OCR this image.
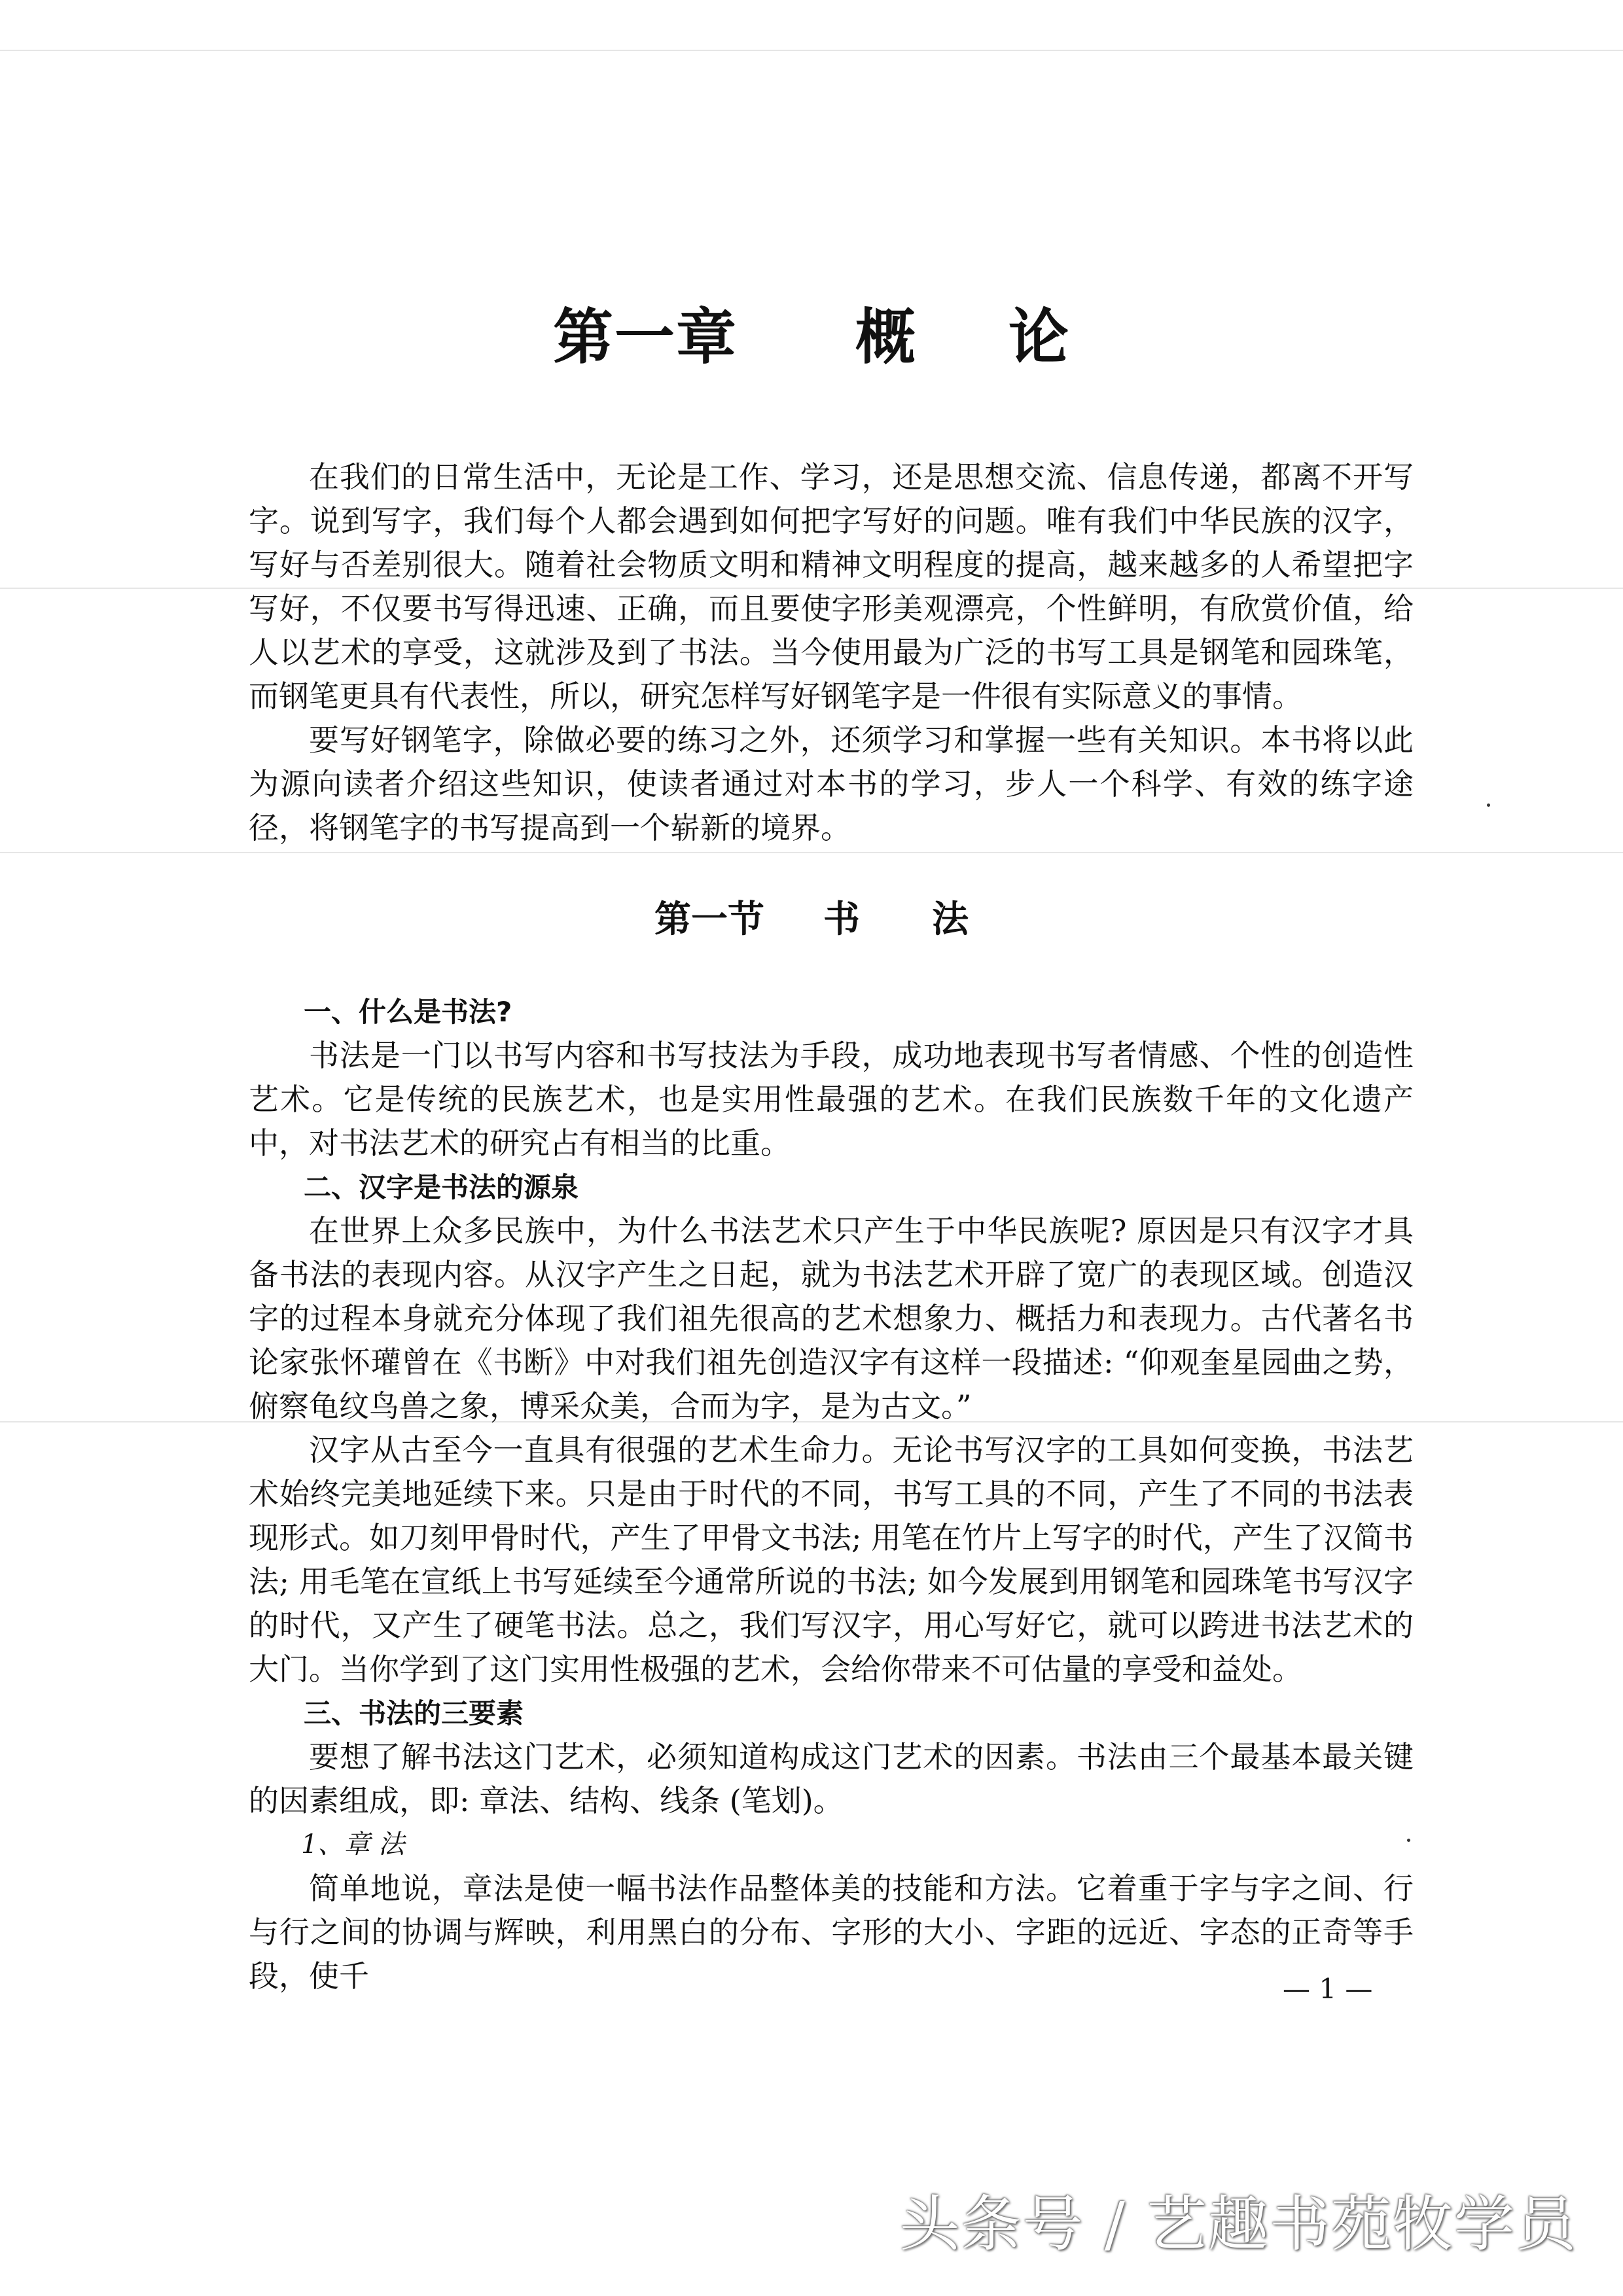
第一章 概 论

在我们的日常生活中，无论是工作、学习，还是思想交流、信息传递，都离不开写字。说到写字，我们每个人都会遇到如何把字写好的问题。唯有我们中华民族的汉字，写好与否差别很大。随着社会物质文明和精神文明程度的提高，越来越多的人希望把字写好，不仅要书写得迅速、正确，而且要使字形美观漂亮，个性鲜明，有欣赏价值，给人以艺术的享受，这就涉及到了书法。当今使用最为广泛的书写工具是钢笔和园珠笔，而钢笔更具有代表性，所以，研究怎样写好钢笔字是一件很有实际意义的事情。

要写好钢笔字，除做必要的练习之外，还须学习和掌握一些有关知识。本书将以此为源向读者介绍这些知识，使读者通过对本书的学习，步人一个科学、有效的练字途径，将钢笔字的书写提高到一个崭新的境界。

第一节 书 法

一、什么是书法?

书法是一门以书写内容和书写技法为手段，成功地表现书写者情感、个性的创造性艺术。它是传统的民族艺术，也是实用性最强的艺术。在我们民族数千年的文化遗产中，对书法艺术的研究占有相当的比重。

二、汉字是书法的源泉

在世界上众多民族中，为什么书法艺术只产生于中华民族呢? 原因是只有汉字才具备书法的表现内容。从汉字产生之日起，就为书法艺术开辟了宽广的表现区域。创造汉字的过程本身就充分体现了我们祖先很高的艺术想象力、概括力和表现力。古代著名书论家张怀瓘曾在《书断》中对我们祖先创造汉字有这样一段描述: “仰观奎星园曲之势，俯察龟纹鸟兽之象，博采众美，合而为字，是为古文。”

汉字从古至今一直具有很强的艺术生命力。无论书写汉字的工具如何变换，书法艺术始终完美地延续下来。只是由于时代的不同，书写工具的不同，产生了不同的书法表现形式。如刀刻甲骨时代，产生了甲骨文书法; 用笔在竹片上写字的时代，产生了汉简书法; 用毛笔在宣纸上书写延续至今通常所说的书法; 如今发展到用钢笔和园珠笔书写汉字的时代，又产生了硬笔书法。总之，我们写汉字，用心写好它，就可以跨进书法艺术的大门。当你学到了这门实用性极强的艺术，会给你带来不可估量的享受和益处。

三、书法的三要素

要想了解书法这门艺术，必须知道构成这门艺术的因素。书法由三个最基本最关键的因素组成，即: 章法、结构、线条 (笔划)。

1、章 法

简单地说，章法是使一幅书法作品整体美的技能和方法。它着重于字与字之间、行与行之间的协调与辉映，利用黑白的分布、字形的大小、字距的远近、字态的正奇等手段，使千	— 1 —
头条号 / 艺趣书苑牧学员
